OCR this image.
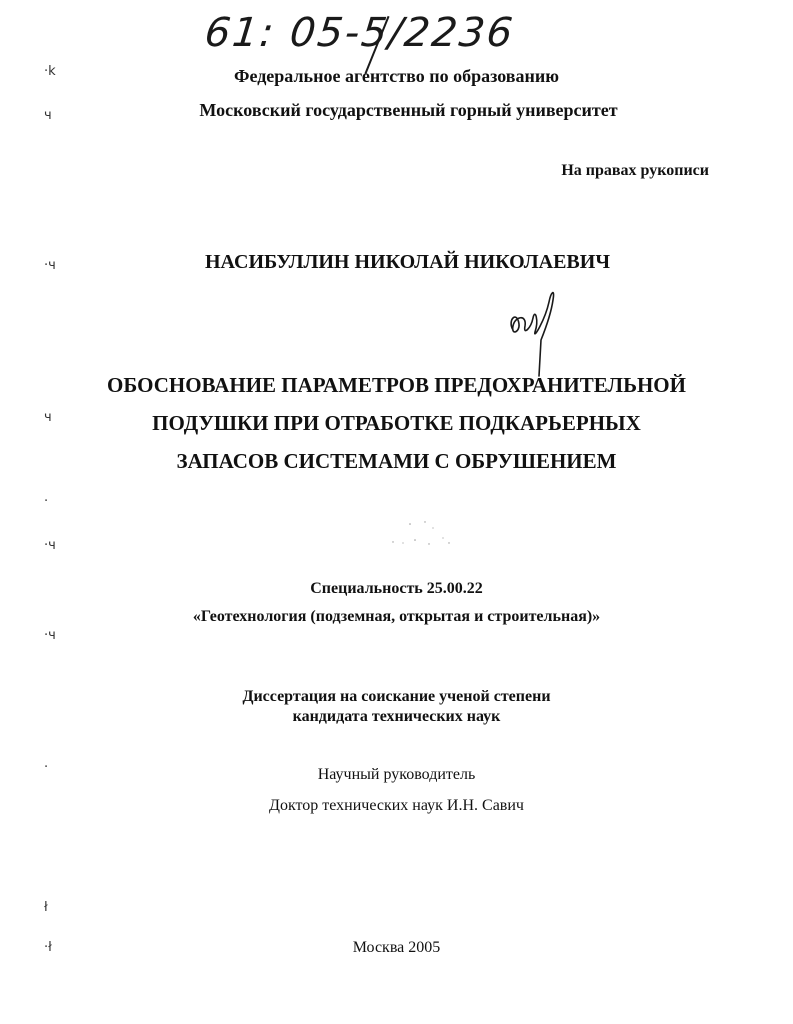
61: 05-5/2236
·k
ч
·ч
ч
·
·ч
·ч
·
ł
·ł
Федеральное агентство по образованию
Московский государственный горный университет
На правах рукописи
НАСИБУЛЛИН НИКОЛАЙ НИКОЛАЕВИЧ
ОБОСНОВАНИЕ ПАРАМЕТРОВ ПРЕДОХРАНИТЕЛЬНОЙ
ПОДУШКИ ПРИ ОТРАБОТКЕ ПОДКАРЬЕРНЫХ
ЗАПАСОВ СИСТЕМАМИ С ОБРУШЕНИЕМ
Специальность 25.00.22
«Геотехнология (подземная, открытая и строительная)»
Диссертация на соискание ученой степени
кандидата технических наук
Научный руководитель
Доктор технических наук И.Н. Савич
Москва 2005
